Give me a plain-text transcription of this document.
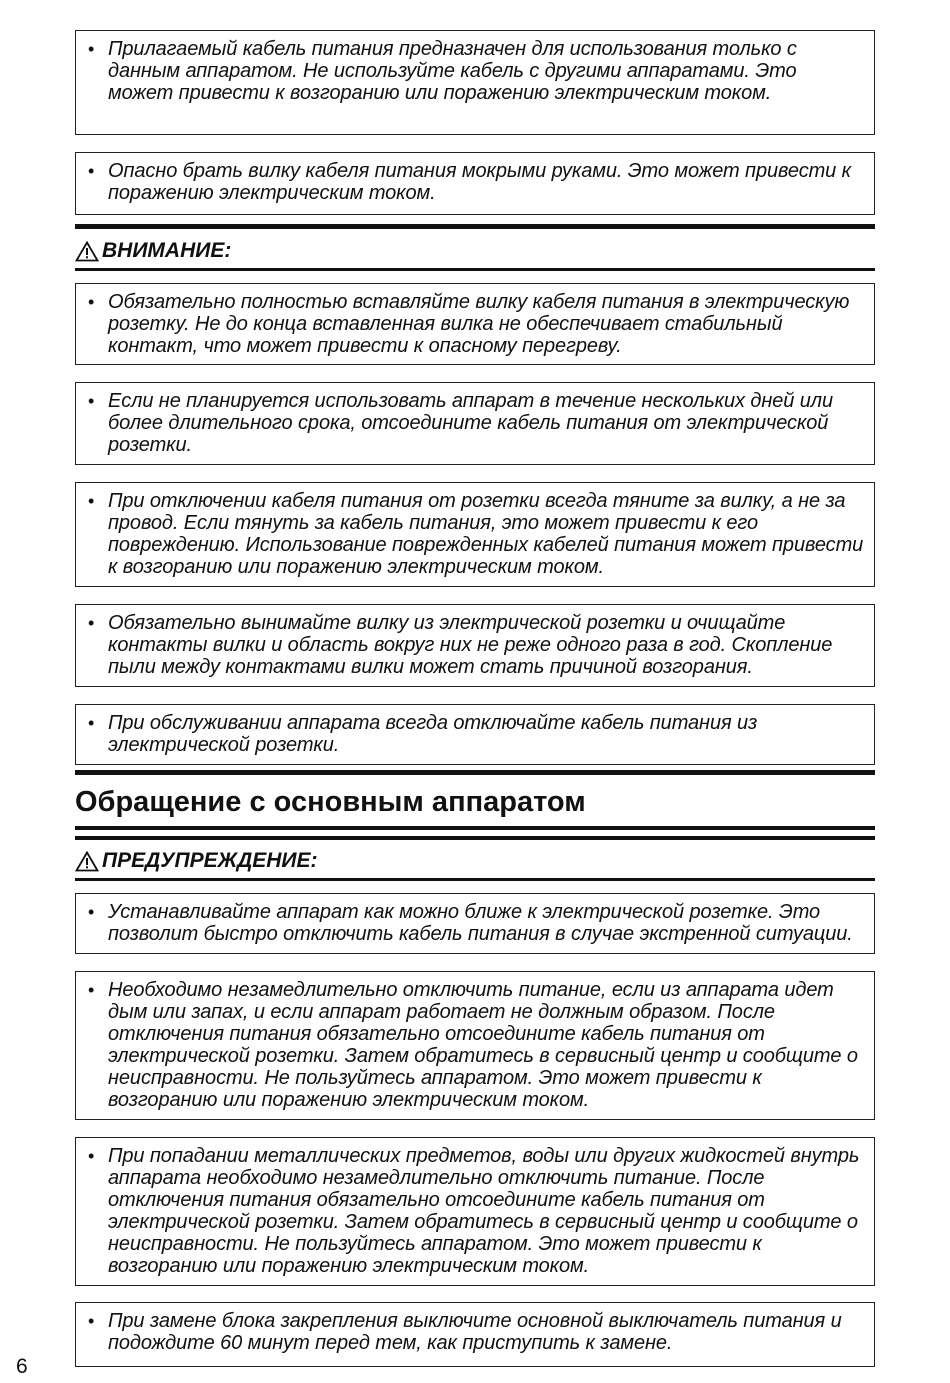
• Прилагаемый кабель питания предназначен для использования только с данным аппаратом. Не используйте кабель с другими аппаратами. Это может привести к возгоранию или поражению электрическим током.
• Опасно брать вилку кабеля питания мокрыми руками. Это может привести к поражению электрическим током.
ВНИМАНИЕ:
• Обязательно полностью вставляйте вилку кабеля питания в электрическую розетку. Не до конца вставленная вилка не обеспечивает стабильный контакт, что может привести к опасному перегреву.
• Если не планируется использовать аппарат в течение нескольких дней или более длительного срока, отсоедините кабель питания от электрической розетки.
• При отключении кабеля питания от розетки всегда тяните за вилку, а не за провод. Если тянуть за кабель питания, это может привести к его повреждению. Использование поврежденных кабелей питания может привести к возгоранию или поражению электрическим током.
• Обязательно вынимайте вилку из электрической розетки и очищайте контакты вилки и область вокруг них не реже одного раза в год. Скопление пыли между контактами вилки может стать причиной возгорания.
• При обслуживании аппарата всегда отключайте кабель питания из электрической розетки.
Обращение с основным аппаратом
ПРЕДУПРЕЖДЕНИЕ:
• Устанавливайте аппарат как можно ближе к электрической розетке. Это позволит быстро отключить кабель питания в случае экстренной ситуации.
• Необходимо незамедлительно отключить питание, если из аппарата идет дым или запах, и если аппарат работает не должным образом. После отключения питания обязательно отсоедините кабель питания от электрической розетки. Затем обратитесь в сервисный центр и сообщите о неисправности. Не пользуйтесь аппаратом. Это может привести к возгоранию или поражению электрическим током.
• При попадании металлических предметов, воды или других жидкостей внутрь аппарата необходимо незамедлительно отключить питание. После отключения питания обязательно отсоедините кабель питания от электрической розетки. Затем обратитесь в сервисный центр и сообщите о неисправности. Не пользуйтесь аппаратом. Это может привести к возгоранию или поражению электрическим током.
• При замене блока закрепления выключите основной выключатель питания и подождите 60 минут перед тем, как приступить к замене.
6
